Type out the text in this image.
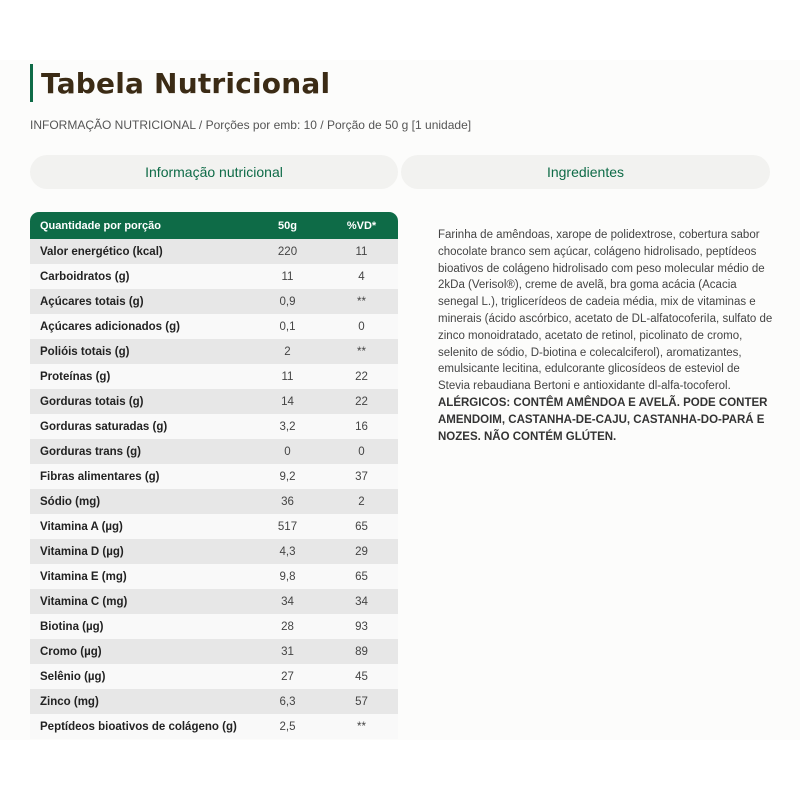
Tabela Nutricional
INFORMAÇÃO NUTRICIONAL / Porções por emb: 10 / Porção de 50 g [1 unidade]
Informação nutricional	Ingredientes
Quantidade por porção	50g	%VD*
Valor energético (kcal)	220	11
Carboidratos (g)	11	4
Açúcares totais (g)	0,9	**
Açúcares adicionados (g)	0,1	0
Polióis totais (g)	2	**
Proteínas (g)	11	22
Gorduras totais (g)	14	22
Gorduras saturadas (g)	3,2	16
Gorduras trans (g)	0	0
Fibras alimentares (g)	9,2	37
Sódio (mg)	36	2
Vitamina A (µg)	517	65
Vitamina D (µg)	4,3	29
Vitamina E (mg)	9,8	65
Vitamina C (mg)	34	34
Biotina (µg)	28	93
Cromo (µg)	31	89
Selênio (µg)	27	45
Zinco (mg)	6,3	57
Peptídeos bioativos de colágeno (g)	2,5	**
Farinha de amêndoas, xarope de polidextrose, cobertura sabor chocolate branco sem açúcar, colágeno hidrolisado, peptídeos bioativos de colágeno hidrolisado com peso molecular médio de 2kDa (Verisol®), creme de avelã, bra goma acácia (Acacia senegal L.), triglicerídeos de cadeia média, mix de vitaminas e minerais (ácido ascórbico, acetato de DL-alfatocoferiIa, sulfato de zinco monoidratado, acetato de retinol, picolinato de cromo, selenito de sódio, D-biotina e colecalciferol), aromatizantes, emulsicante lecitina, edulcorante glicosídeos de esteviol de Stevia rebaudiana Bertoni e antioxidante dl-alfa-tocoferol. ALÉRGICOS: CONTÊM AMÊNDOA E AVELÃ. PODE CONTER AMENDOIM, CASTANHA-DE-CAJU, CASTANHA-DO-PARÁ E NOZES. NÃO CONTÉM GLÚTEN.
